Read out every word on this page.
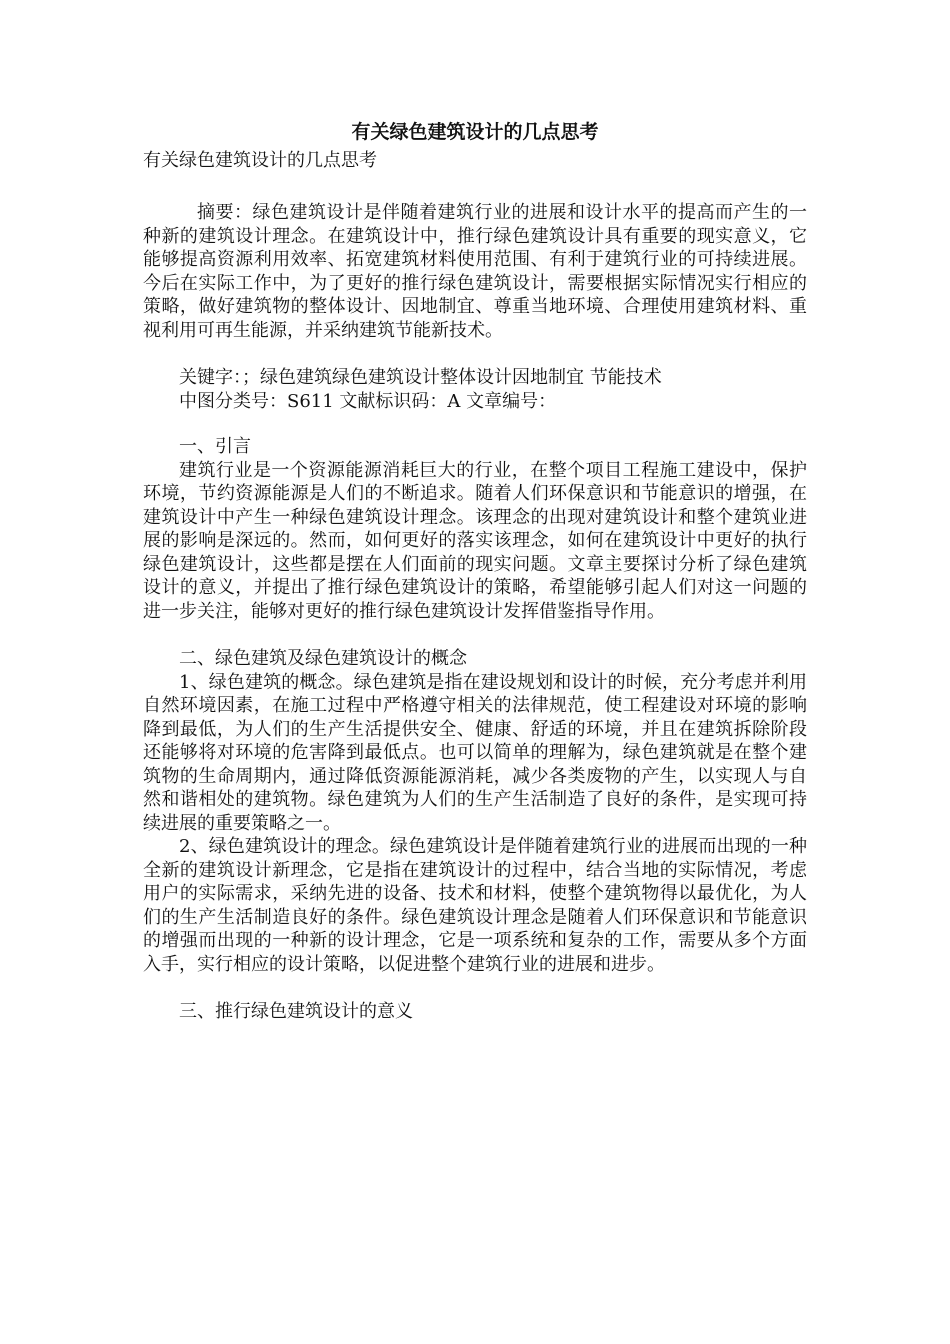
有关绿色建筑设计的几点思考
有关绿色建筑设计的几点思考

摘要：绿色建筑设计是伴随着建筑行业的进展和设计水平的提高而产生的一种新的建筑设计理念。在建筑设计中，推行绿色建筑设计具有重要的现实意义，它能够提高资源利用效率、拓宽建筑材料使用范围、有利于建筑行业的可持续进展。今后在实际工作中，为了更好的推行绿色建筑设计，需要根据实际情况实行相应的策略，做好建筑物的整体设计、因地制宜、尊重当地环境、合理使用建筑材料、重视利用可再生能源，并采纳建筑节能新技术。

关键字：；绿色建筑绿色建筑设计整体设计因地制宜 节能技术

中图分类号：S611 文献标识码：A 文章编号：

一、引言

建筑行业是一个资源能源消耗巨大的行业，在整个项目工程施工建设中，保护环境，节约资源能源是人们的不断追求。随着人们环保意识和节能意识的增强，在建筑设计中产生一种绿色建筑设计理念。该理念的出现对建筑设计和整个建筑业进展的影响是深远的。然而，如何更好的落实该理念，如何在建筑设计中更好的执行绿色建筑设计，这些都是摆在人们面前的现实问题。文章主要探讨分析了绿色建筑设计的意义，并提出了推行绿色建筑设计的策略，希望能够引起人们对这一问题的进一步关注，能够对更好的推行绿色建筑设计发挥借鉴指导作用。

二、绿色建筑及绿色建筑设计的概念

1、绿色建筑的概念。绿色建筑是指在建设规划和设计的时候，充分考虑并利用自然环境因素，在施工过程中严格遵守相关的法律规范，使工程建设对环境的影响降到最低，为人们的生产生活提供安全、健康、舒适的环境，并且在建筑拆除阶段还能够将对环境的危害降到最低点。也可以简单的理解为，绿色建筑就是在整个建筑物的生命周期内，通过降低资源能源消耗，减少各类废物的产生，以实现人与自然和谐相处的建筑物。绿色建筑为人们的生产生活制造了良好的条件，是实现可持续进展的重要策略之一。

2、绿色建筑设计的理念。绿色建筑设计是伴随着建筑行业的进展而出现的一种全新的建筑设计新理念，它是指在建筑设计的过程中，结合当地的实际情况，考虑用户的实际需求，采纳先进的设备、技术和材料，使整个建筑物得以最优化，为人们的生产生活制造良好的条件。绿色建筑设计理念是随着人们环保意识和节能意识的增强而出现的一种新的设计理念，它是一项系统和复杂的工作，需要从多个方面入手，实行相应的设计策略，以促进整个建筑行业的进展和进步。

三、推行绿色建筑设计的意义
